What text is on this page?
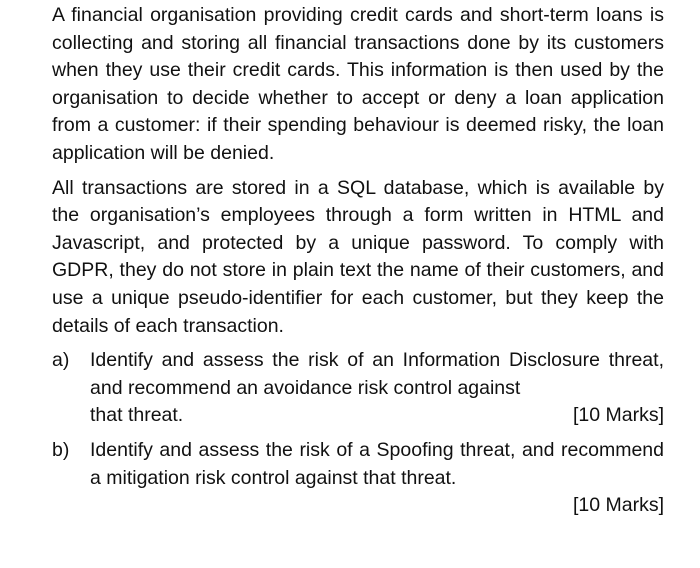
A financial organisation providing credit cards and short-term loans is collecting and storing all financial transactions done by its customers when they use their credit cards. This information is then used by the organisation to decide whether to accept or deny a loan application from a customer: if their spending behaviour is deemed risky, the loan application will be denied.

All transactions are stored in a SQL database, which is available by the organisation’s employees through a form written in HTML and Javascript, and protected by a unique password. To comply with GDPR, they do not store in plain text the name of their customers, and use a unique pseudo-identifier for each customer, but they keep the details of each transaction.

a)	Identify and assess the risk of an Information Disclosure threat, and recommend an avoidance risk control against
that threat.	[10 Marks]
b)	Identify and assess the risk of a Spoofing threat, and recommend a mitigation risk control against that threat.
[10 Marks]
